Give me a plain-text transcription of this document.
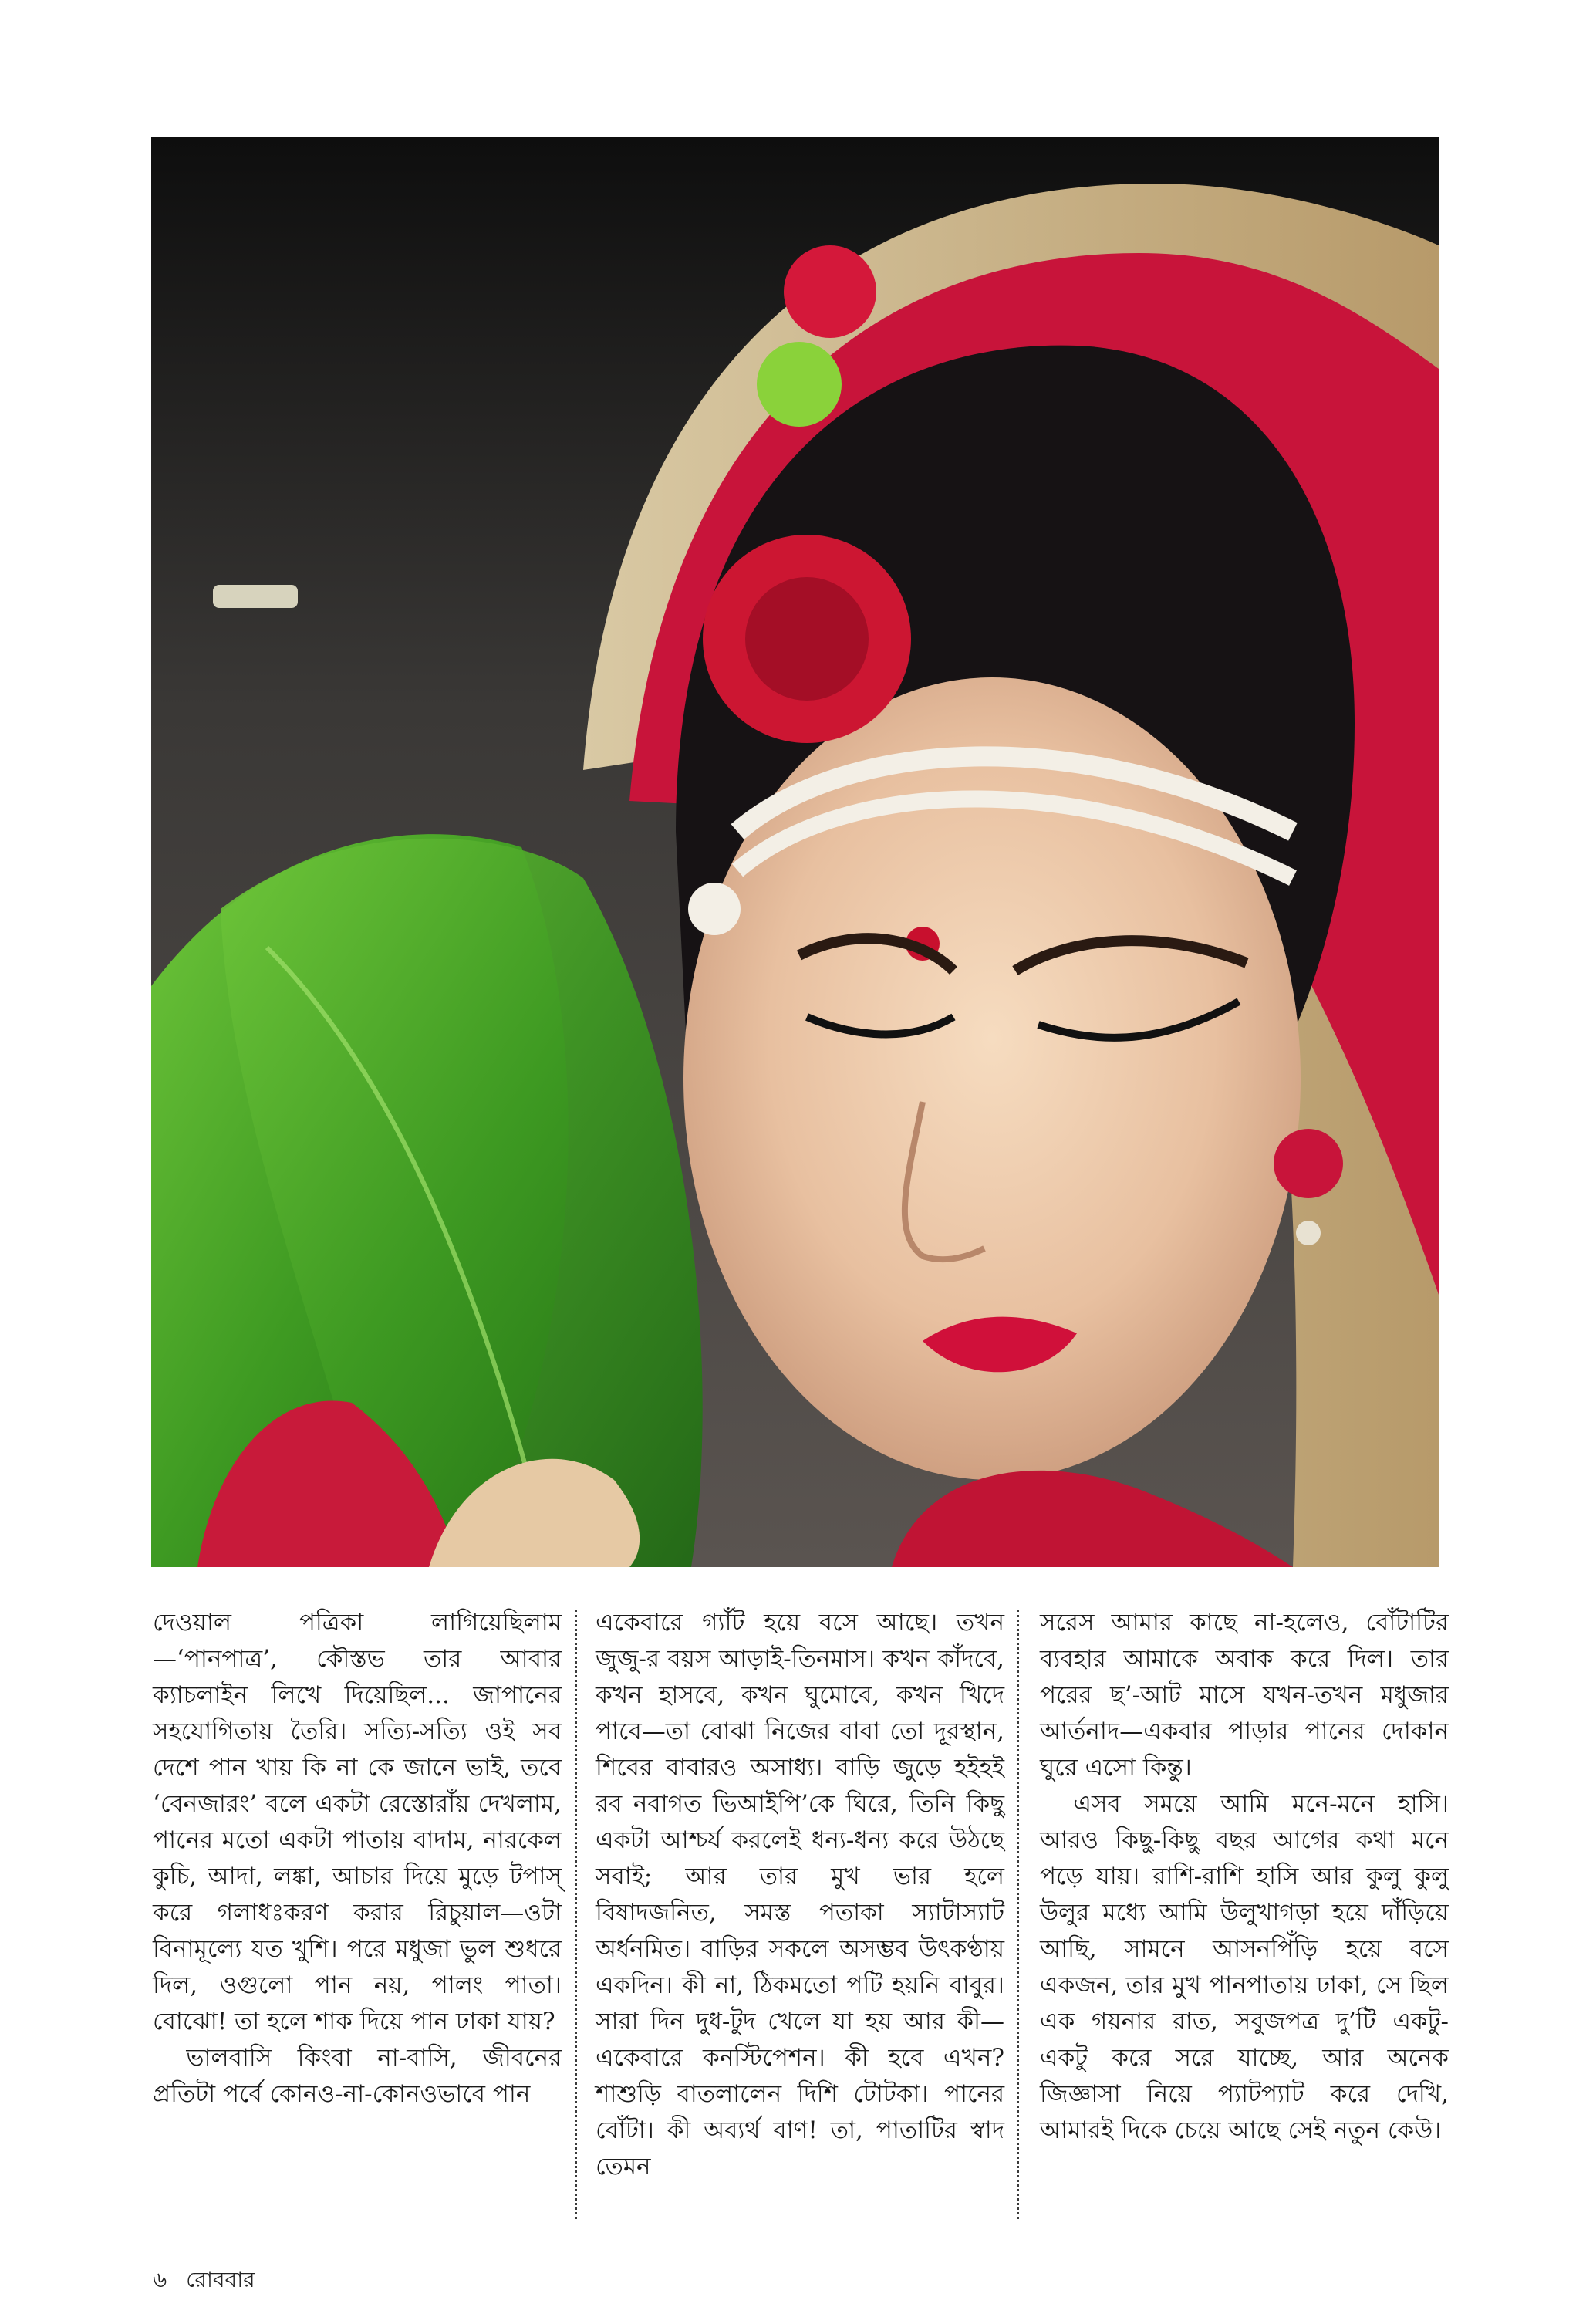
দেওয়াল পত্রিকা লাগিয়েছিলাম—‘পানপাত্র’, কৌস্তভ তার আবার ক্যাচলাইন লিখে দিয়েছিল... জাপানের সহযোগিতায় তৈরি। সত্যি-সত্যি ওই সব দেশে পান খায় কি না কে জানে ভাই, তবে ‘বেনজারং’ বলে একটা রেস্তোরাঁয় দেখলাম, পানের মতো একটা পাতায় বাদাম, নারকেল কুচি, আদা, লঙ্কা, আচার দিয়ে মুড়ে টপাস্ করে গলাধঃকরণ করার রিচুয়াল—ওটা বিনামূল্যে যত খুশি। পরে মধুজা ভুল শুধরে দিল, ওগুলো পান নয়, পালং পাতা। বোঝো! তা হলে শাক দিয়ে পান ঢাকা যায়?

ভালবাসি কিংবা না-বাসি, জীবনের প্রতিটা পর্বে কোনও-না-কোনওভাবে পান

একেবারে গ্যাঁট হয়ে বসে আছে। তখন জুজু-র বয়স আড়াই-তিনমাস। কখন কাঁদবে, কখন হাসবে, কখন ঘুমোবে, কখন খিদে পাবে—তা বোঝা নিজের বাবা তো দূরস্থান, শিবের বাবারও অসাধ্য। বাড়ি জুড়ে হইহই রব নবাগত ভিআইপি’কে ঘিরে, তিনি কিছু একটা আশ্চর্য করলেই ধন্য-ধন্য করে উঠছে সবাই; আর তার মুখ ভার হলে বিষাদজনিত, সমস্ত পতাকা স্যাটাস্যাট অর্ধনমিত। বাড়ির সকলে অসম্ভব উৎকণ্ঠায় একদিন। কী না, ঠিকমতো পটি হয়নি বাবুর। সারা দিন দুধ-টুদ খেলে যা হয় আর কী—একেবারে কনস্টিপেশন। কী হবে এখন? শাশুড়ি বাতলালেন দিশি টোটকা। পানের বোঁটা। কী অব্যর্থ বাণ! তা, পাতাটির স্বাদ তেমন

সরেস আমার কাছে না-হলেও, বোঁটাটির ব্যবহার আমাকে অবাক করে দিল। তার পরের ছ’-আট মাসে যখন-তখন মধুজার আর্তনাদ—একবার পাড়ার পানের দোকান ঘুরে এসো কিন্তু।

এসব সময়ে আমি মনে-মনে হাসি। আরও কিছু-কিছু বছর আগের কথা মনে পড়ে যায়। রাশি-রাশি হাসি আর কুলু কুলু উলুর মধ্যে আমি উলুখাগড়া হয়ে দাঁড়িয়ে আছি, সামনে আসনপিঁড়ি হয়ে বসে একজন, তার মুখ পানপাতায় ঢাকা, সে ছিল এক গয়নার রাত, সবুজপত্র দু’টি একটু-একটু করে সরে যাচ্ছে, আর অনেক জিজ্ঞাসা নিয়ে প্যাটপ্যাট করে দেখি, আমারই দিকে চেয়ে আছে সেই নতুন কেউ।

৬ রোববার
